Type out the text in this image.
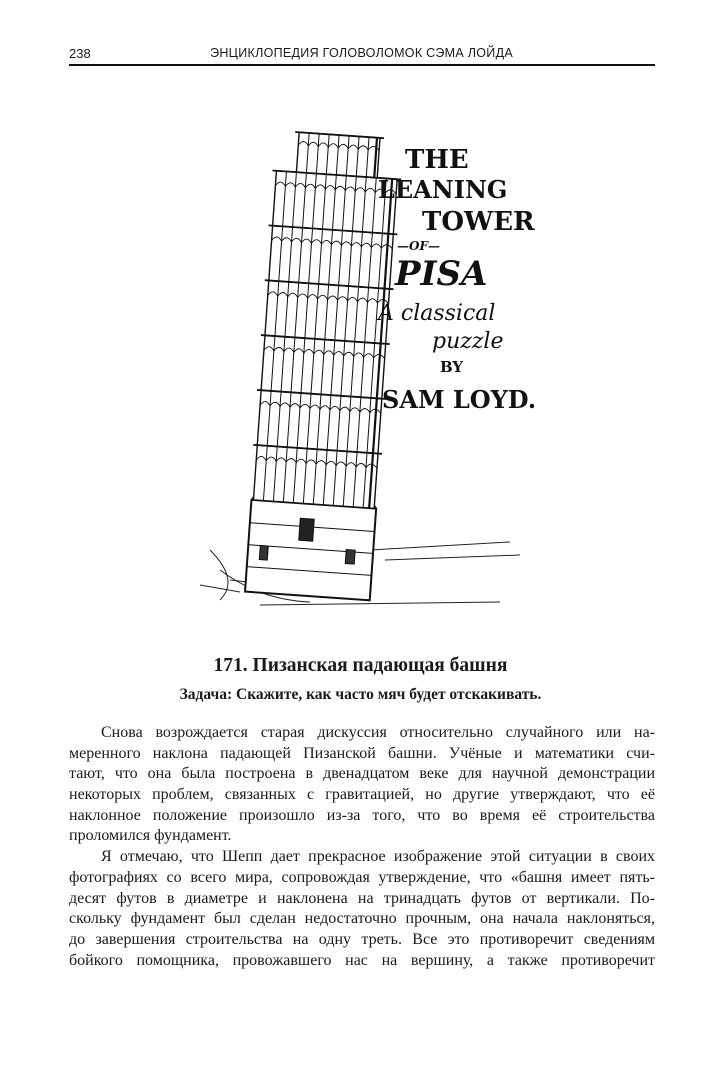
238	ЭНЦИКЛОПЕДИЯ ГОЛОВОЛОМОК СЭМА ЛОЙДА
THE
LEANING
TOWER
—OF—
PISA
A classical
puzzle
BY
SAM LOYD.
171. Пизанская падающая башня
Задача: Скажите, как часто мяч будет отскакивать.
Снова возрождается старая дискуссия относительно случайного или на-
меренного наклона падающей Пизанской башни. Учёные и математики счи-
тают, что она была построена в двенадцатом веке для научной демонстрации
некоторых проблем, связанных с гравитацией, но другие утверждают, что её
наклонное положение произошло из-за того, что во время её строительства
проломился фундамент.
Я отмечаю, что Шепп дает прекрасное изображение этой ситуации в своих
фотографиях со всего мира, сопровождая утверждение, что «башня имеет пять-
десят футов в диаметре и наклонена на тринадцать футов от вертикали. По-
скольку фундамент был сделан недостаточно прочным, она начала наклоняться,
до завершения строительства на одну треть. Все это противоречит сведениям
бойкого помощника, провожавшего нас на вершину, а также противоречит
